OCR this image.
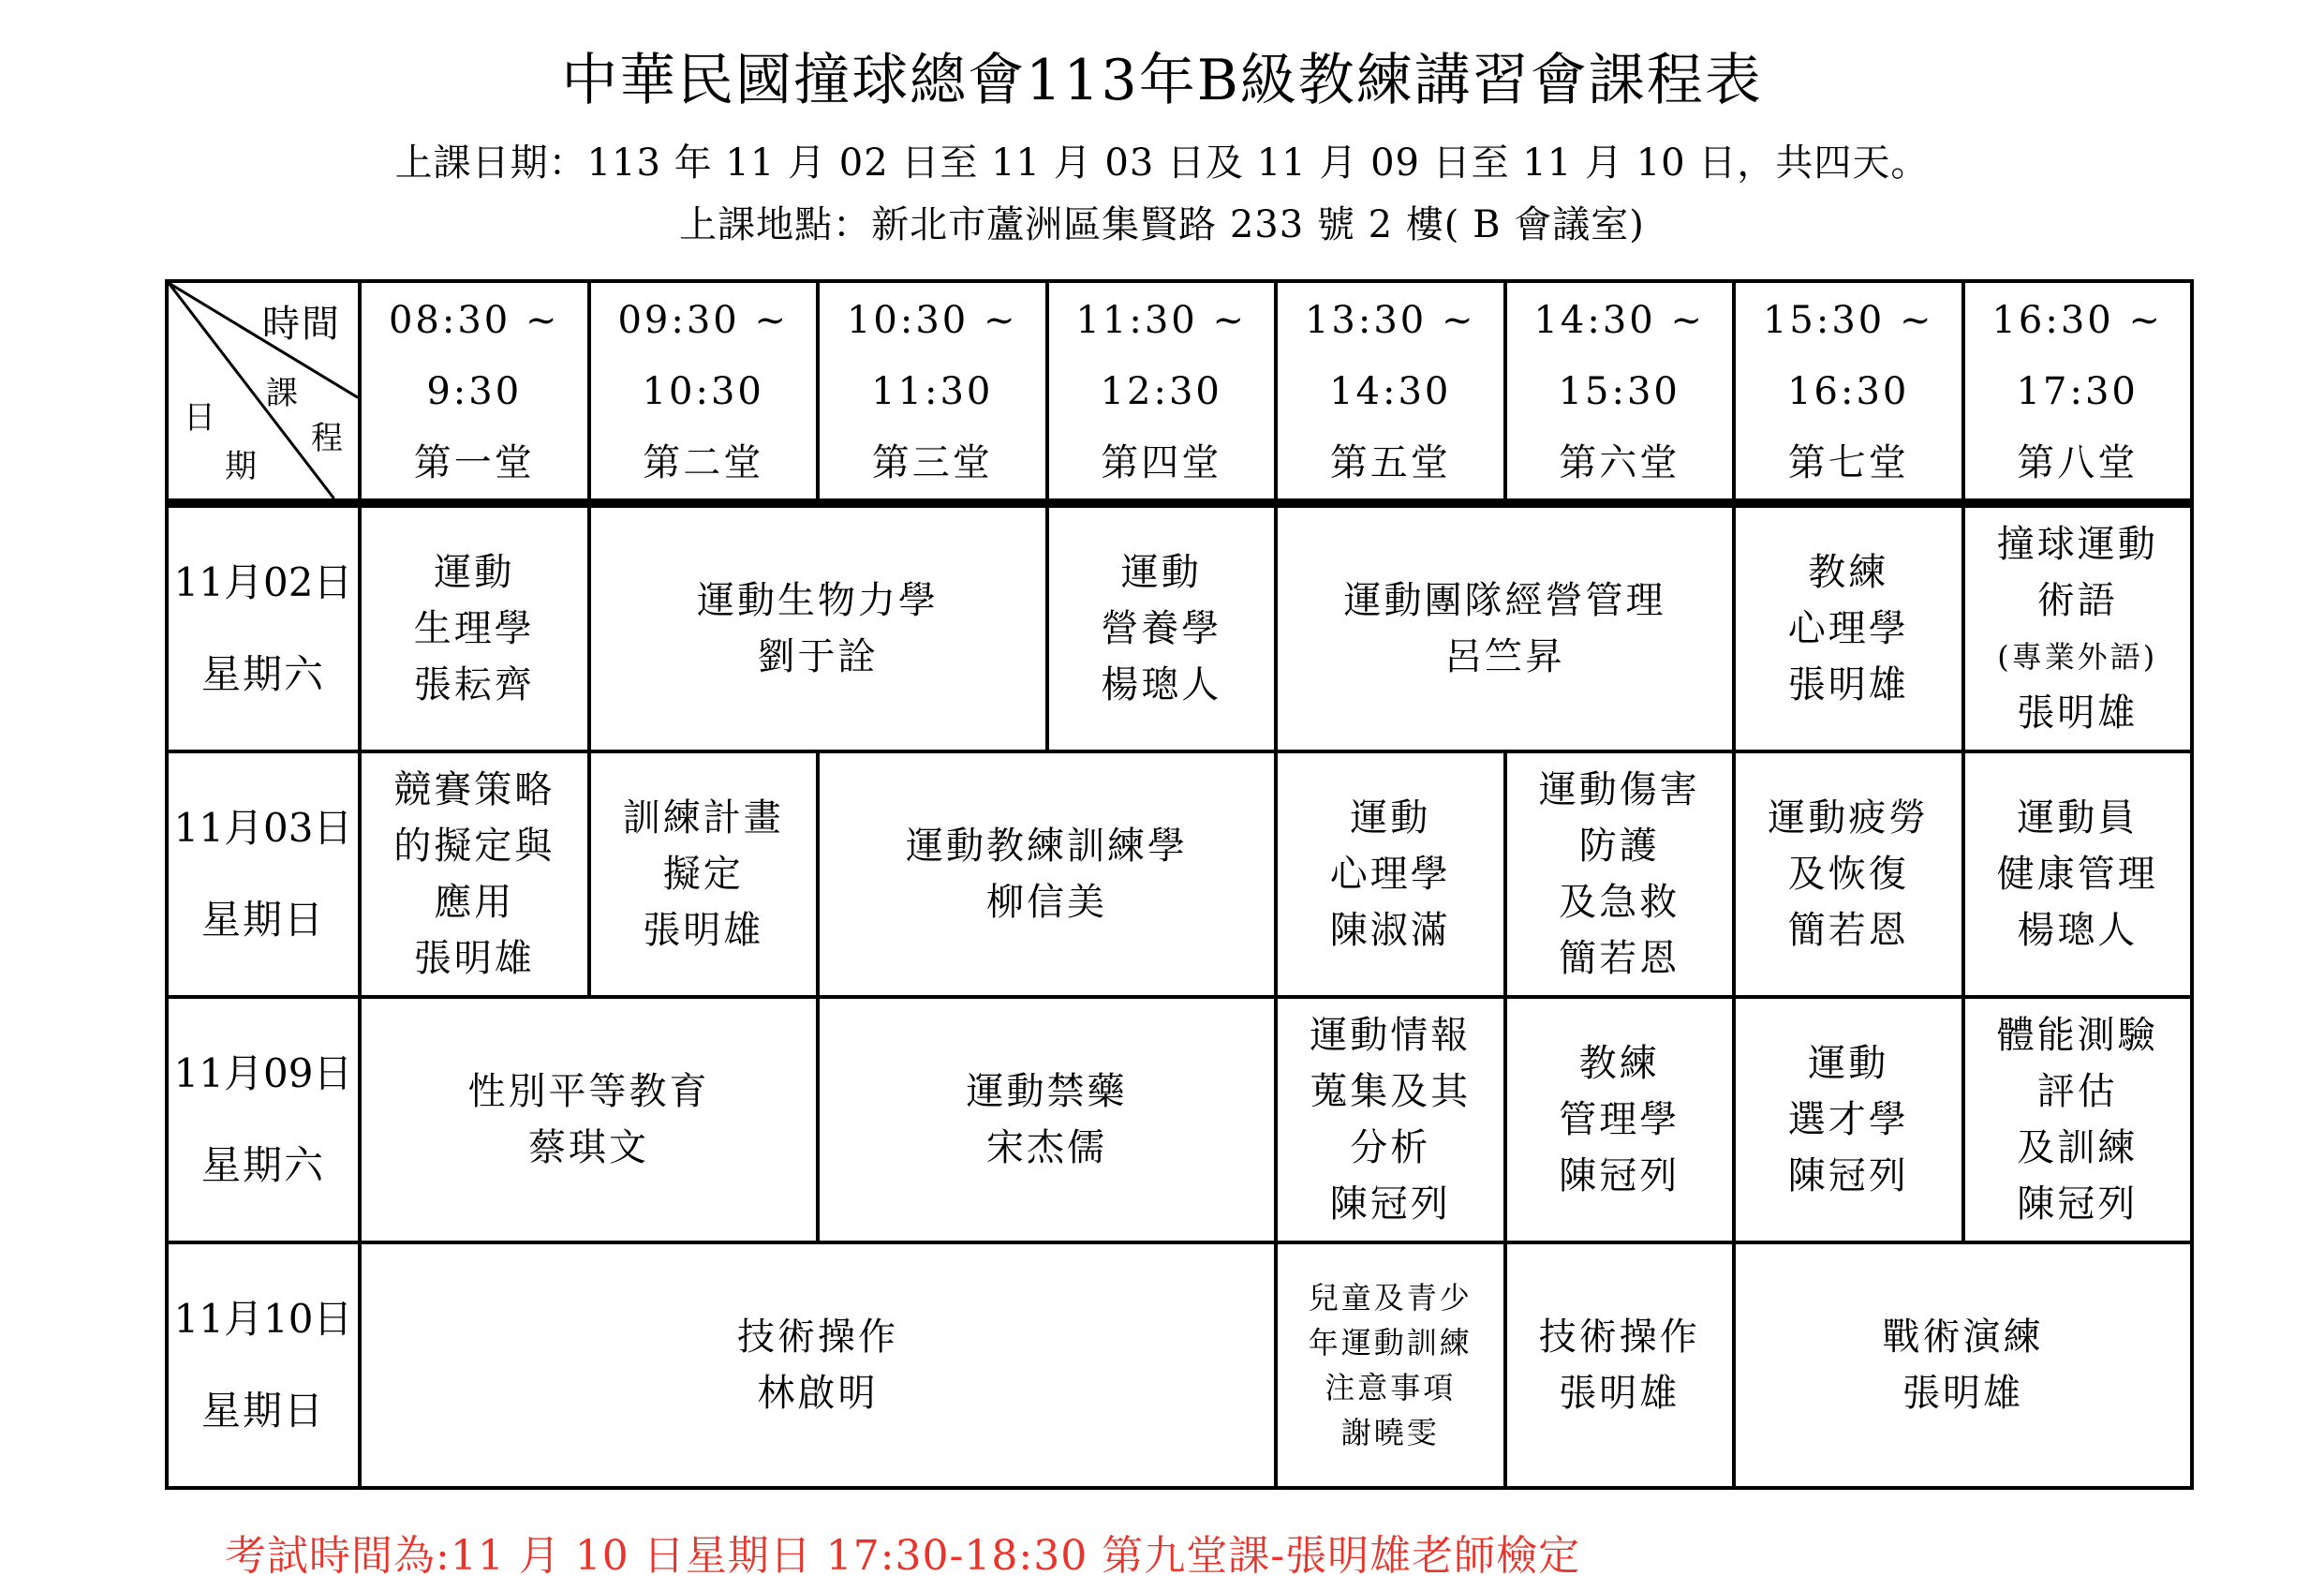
中華民國撞球總會113年B級教練講習會課程表
上課日期：113 年 11 月 02 日至 11 月 03 日及 11 月 09 日至 11 月 10 日，共四天。
上課地點：新北市蘆洲區集賢路 233 號 2 樓( B 會議室)
時間
課
程
日
期	08:30 ~
9:30
第一堂	09:30 ~
10:30
第二堂	10:30 ~
11:30
第三堂	11:30 ~
12:30
第四堂	13:30 ~
14:30
第五堂	14:30 ~
15:30
第六堂	15:30 ~
16:30
第七堂	16:30 ~
17:30
第八堂

11月02日
星期六	運動
生理學
張耘齊	運動生物力學
劉于詮		運動
營養學
楊璁人	運動團隊經營管理
呂竺昇		教練
心理學
張明雄	撞球運動
術語
(專業外語)
張明雄

11月03日
星期日	競賽策略
的擬定與
應用
張明雄	訓練計畫
擬定
張明雄	運動教練訓練學
柳信美		運動
心理學
陳淑滿	運動傷害
防護
及急救
簡若恩	運動疲勞
及恢復
簡若恩	運動員
健康管理
楊璁人

11月09日
星期六	性別平等教育
蔡琪文		運動禁藥
宋杰儒		運動情報
蒐集及其
分析
陳冠列	教練
管理學
陳冠列	運動
選才學
陳冠列	體能測驗
評估
及訓練
陳冠列

11月10日
星期日	技術操作
林啟明				兒童及青少
年運動訓練
注意事項
謝曉雯	技術操作
張明雄	戰術演練
張明雄	
考試時間為:11 月 10 日星期日 17:30-18:30 第九堂課-張明雄老師檢定
